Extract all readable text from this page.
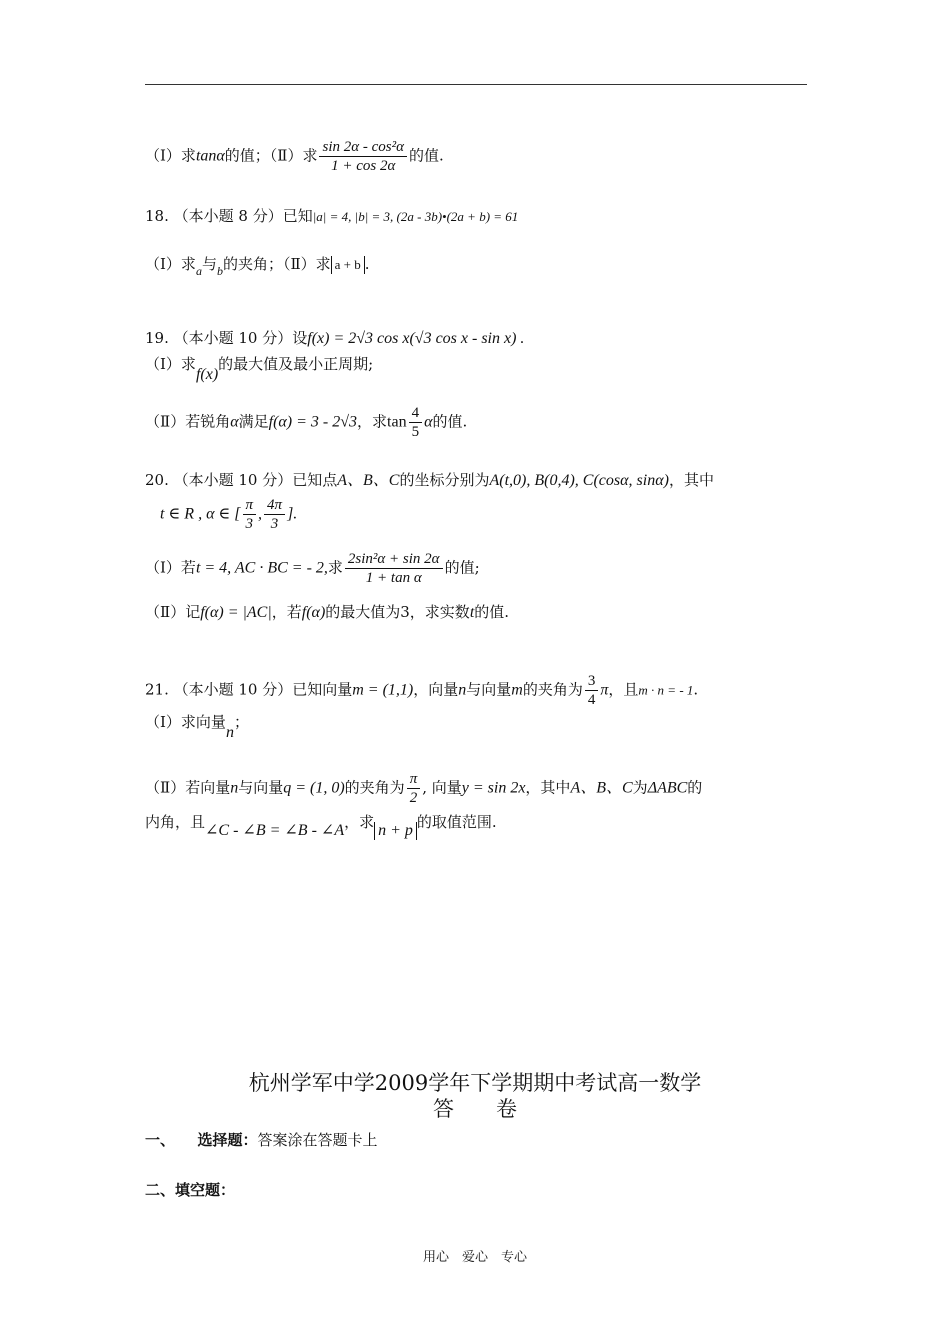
（Ⅰ）求tanα的值；（Ⅱ）求 $\frac{\text{sin 2α - cos²α}}{1 + \cos 2\alpha}$ 的值.
18. （本小题 8 分）已知|a| = 4, |b| = 3, (2a - 3b)•(2a + b) = 61
（Ⅰ）求$_a$与$_b$的夹角；（Ⅱ）求 a + b .
19. （本小题 10 分）设f(x) = 2√3 cos x(√3 cos x - sin x) .
（Ⅰ）求f(x)的最大值及最小正周期;
（Ⅱ）若锐角α满足f(α) = 3 - 2√3，求$\tan \frac{4}{5}$ α的值.
20. （本小题 10 分）已知点A、B、C的坐标分别为A(t,0), B(0,4), C(cosα, sinα)，其中
t ∈ R , α ∈ [ $\frac{\pi}{3}$ , $\frac{4\pi}{3}$ ].
（Ⅰ）若t = 4, AC · BC = - 2,求 $\frac{\text{2sin²α + sin 2α}}{\text{1 + tan α}}$ 的值;
（Ⅱ）记f(α) = |AC|，若f(α)的最大值为3，求实数t的值.
21. （本小题 10 分）已知向量m = (1,1)，向量n与向量m的夹角为 $\frac{3}{4}$ π，且m · n = - 1.
（Ⅰ）求向量n；
（Ⅱ）若向量n与向量q = (1, 0)的夹角为 $\frac{\pi}{2}$ , 向量y = sin 2x，其中A、B、C为ΔABC的
内角，且∠C - ∠B = ∠B - ∠A，求 n + p 的取值范围.
杭州学军中学2009学年下学期期中考试高一数学
答　　卷
一、　　选择题：答案涂在答题卡上
二、填空题：
用心　爱心　专心
